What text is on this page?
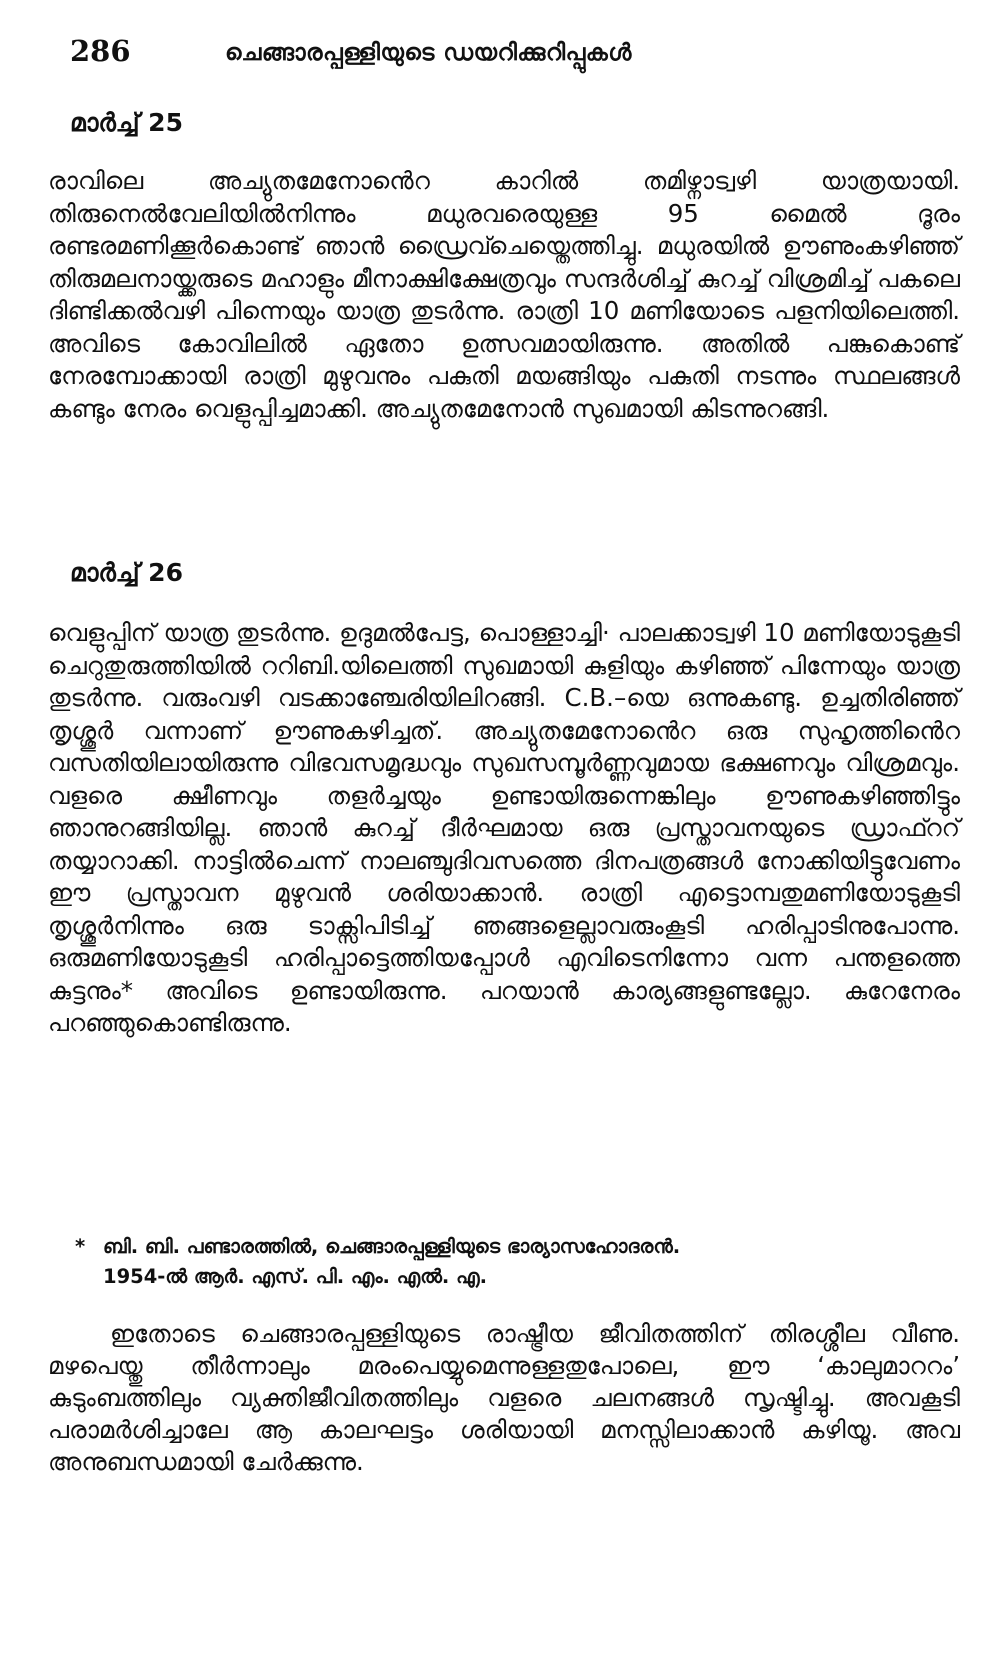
286	ചെങ്ങാരപ്പള്ളിയുടെ ഡയറിക്കുറിപ്പുകൾ
മാർച്ച് 25
രാവിലെ അച്യുതമേനോൻെറ കാറിൽ തമിഴ്നാട്വഴി യാത്രയായി. തിരുനെൽവേലിയിൽനിന്നും മധുരവരെയുള്ള 95 മൈൽ ദൂരം രണ്ടരമണിക്കൂർകൊണ്ട് ഞാൻ ഡ്രൈവ്ചെയ്തെത്തിച്ചു. മധുരയിൽ ഊണുംകഴിഞ്ഞ് തിരുമലനായ്ക്കരുടെ മഹാളും മീനാക്ഷിക്ഷേത്രവും സന്ദർശിച്ച് കുറച്ച് വിശ്രമിച്ച് പകലെ ദിണ്ടിക്കൽവഴി പിന്നെയും യാത്ര തുടർന്നു. രാത്രി 10 മണിയോടെ പളനിയിലെത്തി. അവിടെ കോവിലിൽ ഏതോ ഉത്സവമായിരുന്നു. അതിൽ പങ്കുകൊണ്ട് നേരമ്പോക്കായി രാത്രി മുഴുവനും പകുതി മയങ്ങിയും പകുതി നടന്നും സ്ഥലങ്ങൾ കണ്ടും നേരം വെളുപ്പിച്ചമാക്കി. അച്യുതമേനോൻ സുഖമായി കിടന്നുറങ്ങി.
മാർച്ച് 26
വെളുപ്പിന് യാത്ര തുടർന്നു. ഉദുമൽപേട്ട, പൊള്ളാച്ചി· പാലക്കാട്വഴി 10 മണിയോടുകൂടി ചെറുതുരുത്തിയിൽ ററിബി.യിലെത്തി സുഖമായി കുളിയും കഴിഞ്ഞ് പിന്നേയും യാത്ര തുടർന്നു. വരുംവഴി വടക്കാഞ്ചേരിയിലിറങ്ങി. C.B.–യെ ഒന്നുകണ്ടു. ഉച്ചതിരിഞ്ഞ് തൃശ്ശൂർ വന്നാണ് ഊണുകഴിച്ചത്. അച്യുതമേനോൻെറ ഒരു സുഹൃത്തിൻെറ വസതിയിലായിരുന്നു വിഭവസമൃദ്ധവും സുഖസമ്പൂർണ്ണവുമായ ഭക്ഷണവും വിശ്രമവും. വളരെ ക്ഷീണവും തളർച്ചയും ഉണ്ടായിരുന്നെങ്കിലും ഊണുകഴിഞ്ഞിട്ടും ഞാനുറങ്ങിയില്ല. ഞാൻ കുറച്ച് ദീർഘമായ ഒരു പ്രസ്താവനയുടെ ഡ്രാഫ്ററ് തയ്യാറാക്കി. നാട്ടിൽചെന്ന് നാലഞ്ചുദിവസത്തെ ദിനപത്രങ്ങൾ നോക്കിയിട്ടുവേണം ഈ പ്രസ്താവന മുഴുവൻ ശരിയാക്കാൻ. രാത്രി എട്ടൊമ്പതുമണിയോടുകൂടി തൃശ്ശൂർനിന്നും ഒരു ടാക്സിപിടിച്ച് ഞങ്ങളെല്ലാവരുംകൂടി ഹരിപ്പാടിനുപോന്നു. ഒരുമണിയോടുകൂടി ഹരിപ്പാട്ടെത്തിയപ്പോൾ എവിടെനിന്നോ വന്ന പന്തളത്തെ കുട്ടനും* അവിടെ ഉണ്ടായിരുന്നു. പറയാൻ കാര്യങ്ങളുണ്ടല്ലോ. കുറേനേരം പറഞ്ഞുകൊണ്ടിരുന്നു.
* ബി. ബി. പണ്ടാരത്തിൽ, ചെങ്ങാരപ്പള്ളിയുടെ ഭാര്യാസഹോദരൻ.
1954-ൽ ആർ. എസ്. പി. എം. എൽ. എ.
ഇതോടെ ചെങ്ങാരപ്പള്ളിയുടെ രാഷ്ട്രീയ ജീവിതത്തിന് തിരശ്ശീല വീണു. മഴപെയ്തു തീർന്നാലും മരംപെയ്യുമെന്നുള്ളതുപോലെ, ഈ ‘കാലുമാററം’ കുടുംബത്തിലും വ്യക്തിജീവിതത്തിലും വളരെ ചലനങ്ങൾ സൃഷ്ടിച്ചു. അവകൂടി പരാമർശിച്ചാലേ ആ കാലഘട്ടം ശരിയായി മനസ്സിലാക്കാൻ കഴിയൂ. അവ അനുബന്ധമായി ചേർക്കുന്നു.
